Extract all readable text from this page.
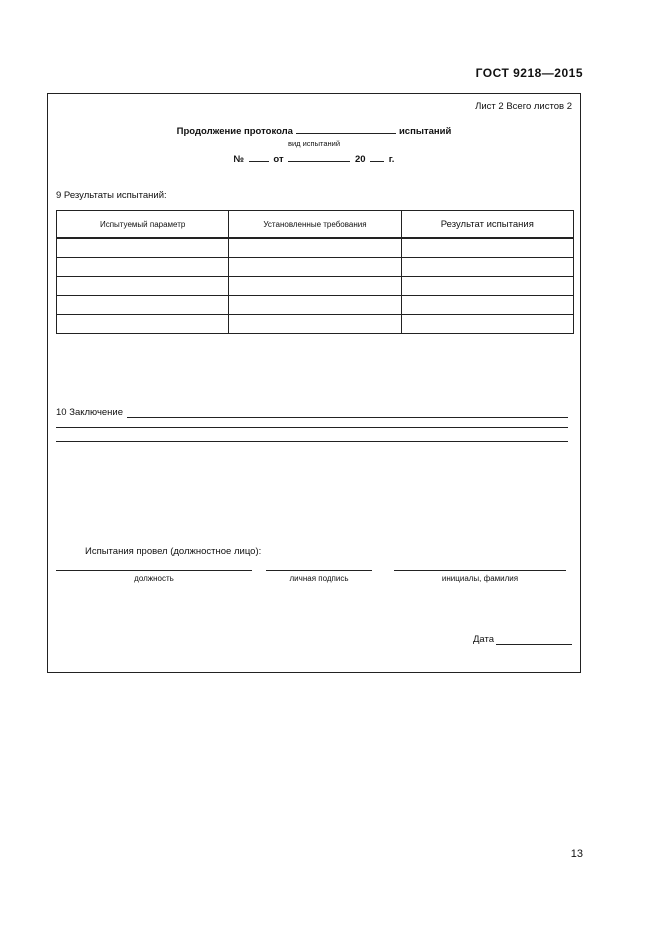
ГОСТ 9218—2015
Лист 2 Всего листов 2
Продолжение протокола	испытаний
вид испытаний
№	от	20 г.
9 Результаты испытаний:
Испытуемый параметр	Установленные требования	Результат испытания

10 Заключение
Испытания провел (должностное лицо):
должность	личная подпись	инициалы, фамилия
Дата
13
